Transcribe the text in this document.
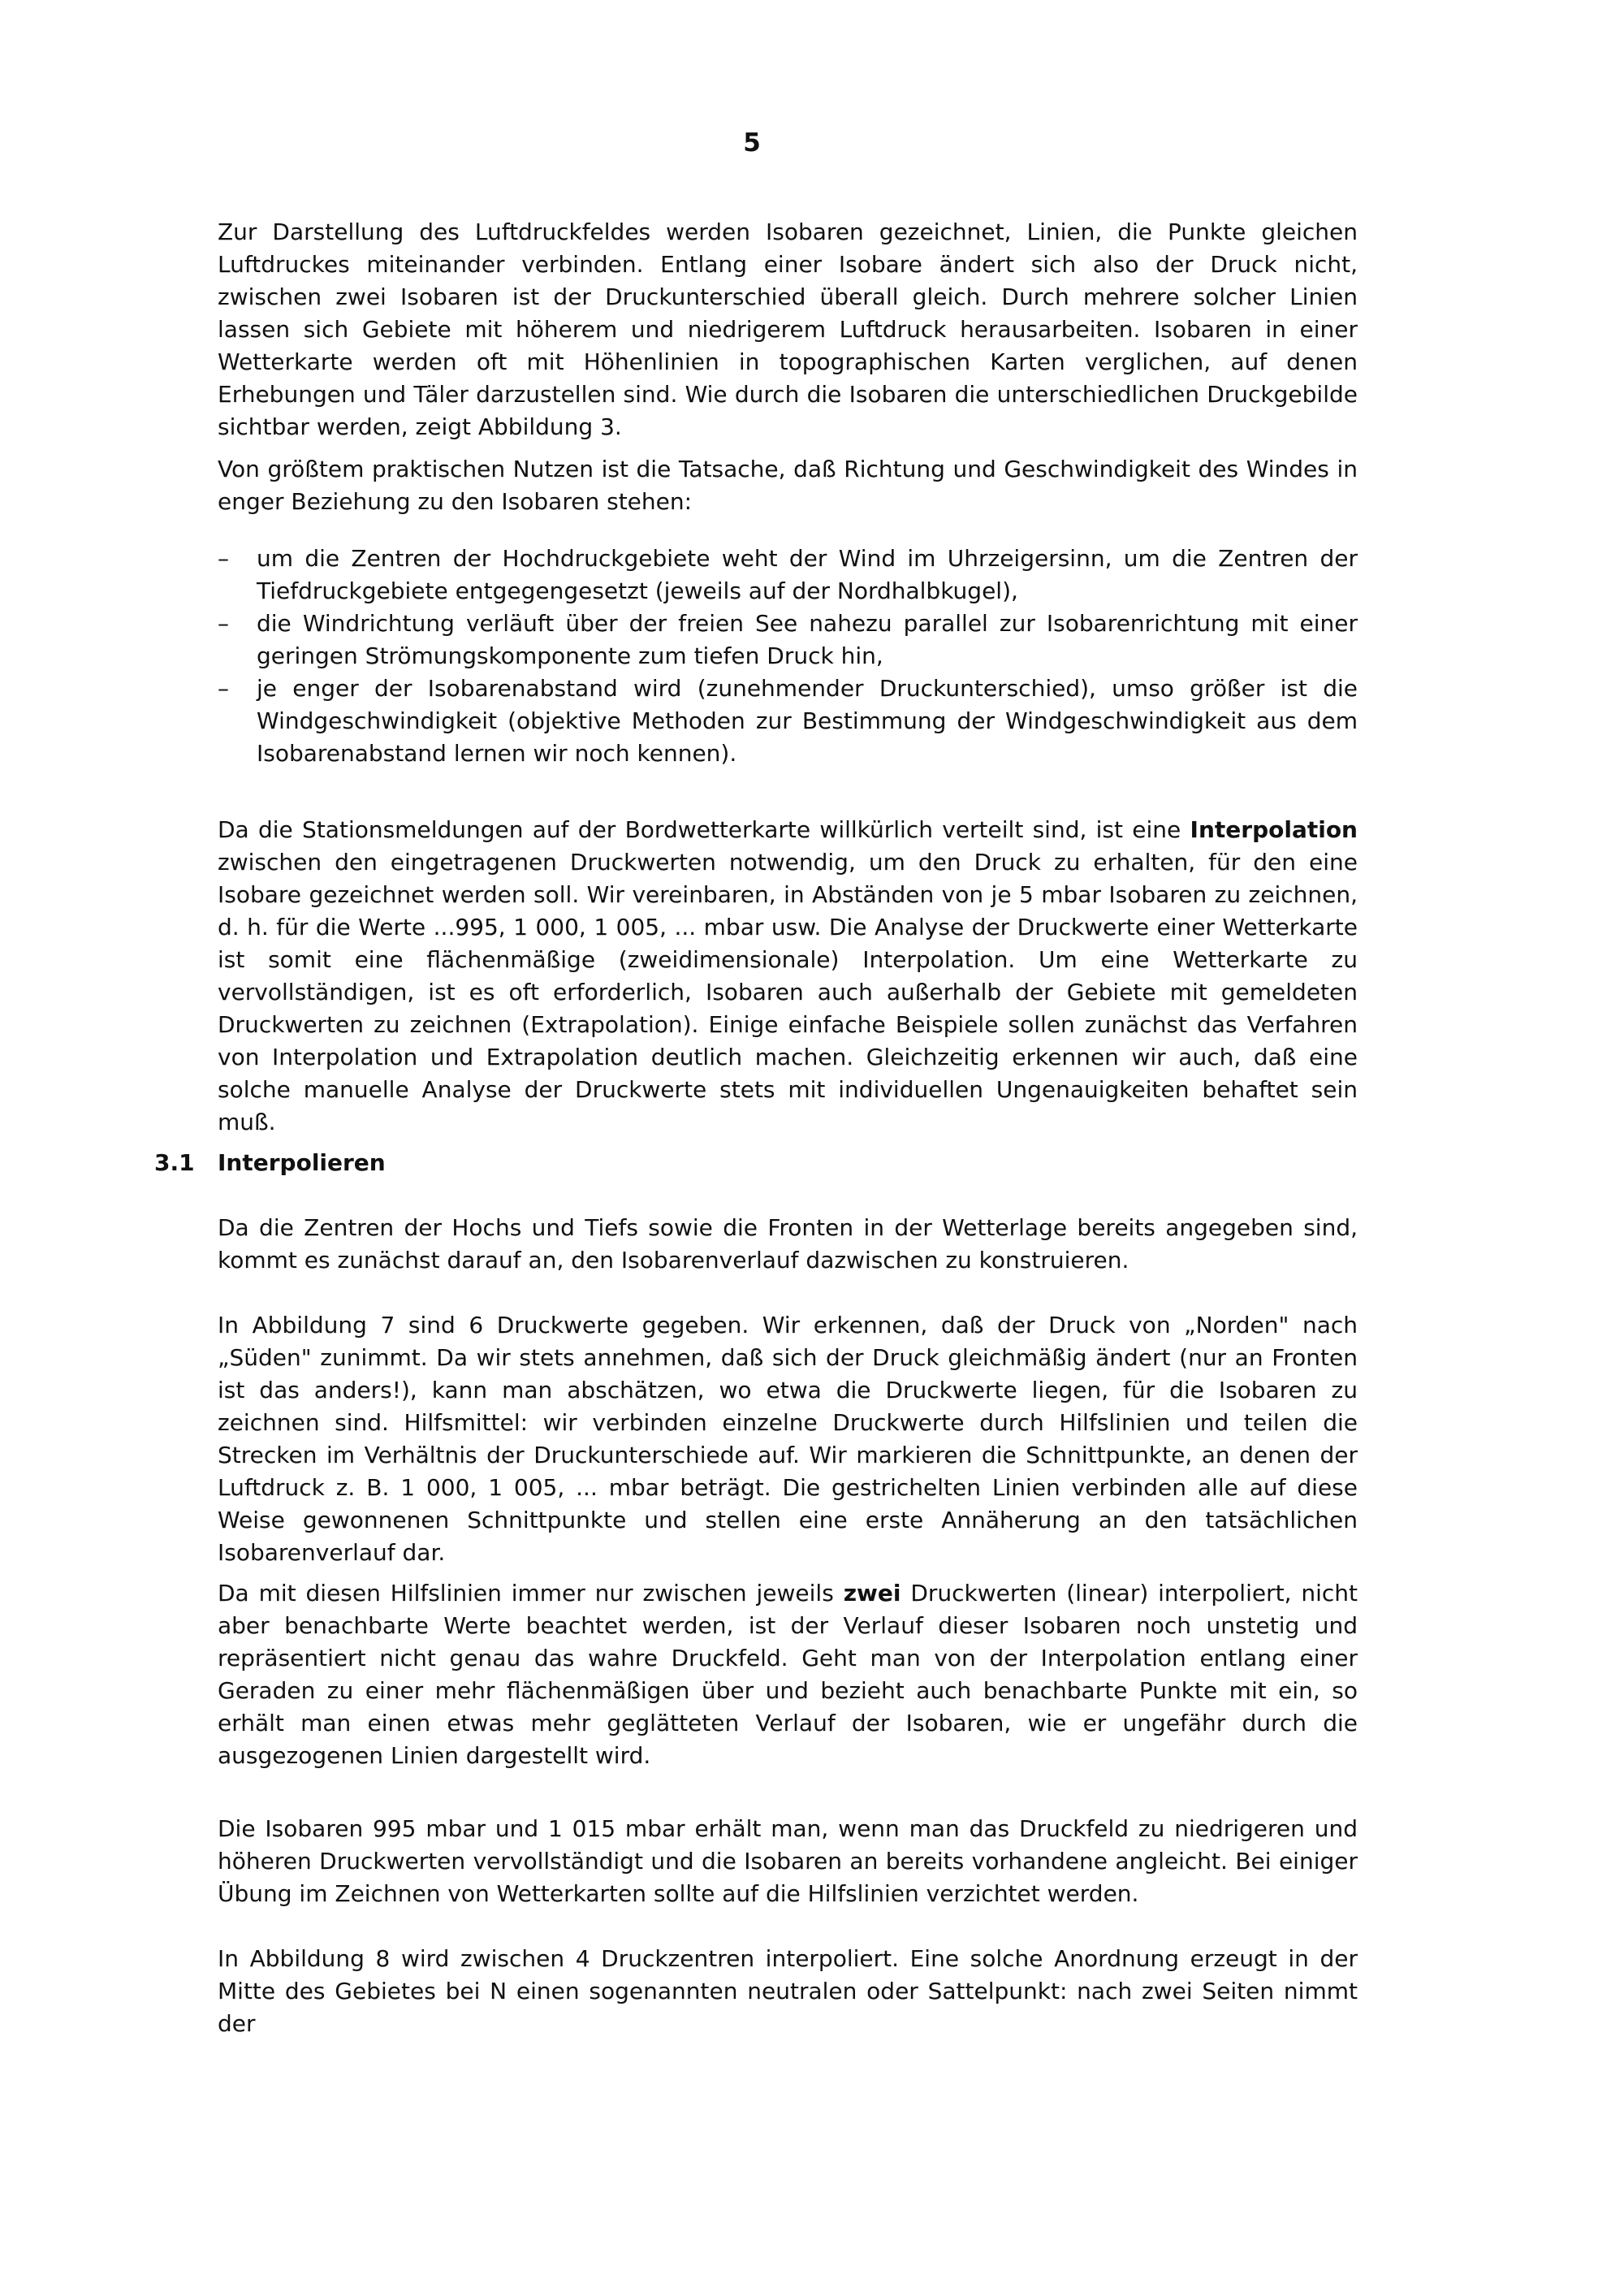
5

Zur Darstellung des Luftdruckfeldes werden Isobaren gezeichnet, Linien, die Punkte gleichen Luftdruckes miteinander verbinden. Entlang einer Isobare ändert sich also der Druck nicht, zwischen zwei Isobaren ist der Druckunterschied überall gleich. Durch mehrere solcher Linien lassen sich Gebiete mit höherem und niedrigerem Luftdruck herausarbeiten. Isobaren in einer Wetterkarte werden oft mit Höhenlinien in topographischen Karten verglichen, auf denen Erhebungen und Täler darzustellen sind. Wie durch die Isobaren die unterschiedlichen Druckgebilde sichtbar werden, zeigt Abbildung 3.

Von größtem praktischen Nutzen ist die Tatsache, daß Richtung und Geschwindigkeit des Windes in enger Beziehung zu den Isobaren stehen:

– um die Zentren der Hochdruckgebiete weht der Wind im Uhrzeigersinn, um die Zentren der Tiefdruckgebiete entgegengesetzt (jeweils auf der Nordhalbkugel),
– die Windrichtung verläuft über der freien See nahezu parallel zur Isobarenrichtung mit einer geringen Strömungskomponente zum tiefen Druck hin,
– je enger der Isobarenabstand wird (zunehmender Druckunterschied), umso größer ist die Windgeschwindigkeit (objektive Methoden zur Bestimmung der Windgeschwindigkeit aus dem Isobarenabstand lernen wir noch kennen).

Da die Stationsmeldungen auf der Bordwetterkarte willkürlich verteilt sind, ist eine Interpolation zwischen den eingetragenen Druckwerten notwendig, um den Druck zu erhalten, für den eine Isobare gezeichnet werden soll. Wir vereinbaren, in Abständen von je 5 mbar Isobaren zu zeichnen, d. h. für die Werte ...995, 1 000, 1 005, ... mbar usw. Die Analyse der Druckwerte einer Wetterkarte ist somit eine flächenmäßige (zweidimensionale) Interpolation. Um eine Wetterkarte zu vervollständigen, ist es oft erforderlich, Isobaren auch außerhalb der Gebiete mit gemeldeten Druckwerten zu zeichnen (Extrapolation). Einige einfache Beispiele sollen zunächst das Verfahren von Interpolation und Extrapolation deutlich machen. Gleichzeitig erkennen wir auch, daß eine solche manuelle Analyse der Druckwerte stets mit individuellen Ungenauigkeiten behaftet sein muß.

3.1 Interpolieren

Da die Zentren der Hochs und Tiefs sowie die Fronten in der Wetterlage bereits angegeben sind, kommt es zunächst darauf an, den Isobarenverlauf dazwischen zu konstruieren.

In Abbildung 7 sind 6 Druckwerte gegeben. Wir erkennen, daß der Druck von „Norden" nach „Süden" zunimmt. Da wir stets annehmen, daß sich der Druck gleichmäßig ändert (nur an Fronten ist das anders!), kann man abschätzen, wo etwa die Druckwerte liegen, für die Isobaren zu zeichnen sind. Hilfsmittel: wir verbinden einzelne Druckwerte durch Hilfslinien und teilen die Strecken im Verhältnis der Druckunterschiede auf. Wir markieren die Schnittpunkte, an denen der Luftdruck z. B. 1 000, 1 005, ... mbar beträgt. Die gestrichelten Linien verbinden alle auf diese Weise gewonnenen Schnittpunkte und stellen eine erste Annäherung an den tatsächlichen Isobarenverlauf dar.

Da mit diesen Hilfslinien immer nur zwischen jeweils zwei Druckwerten (linear) interpoliert, nicht aber benachbarte Werte beachtet werden, ist der Verlauf dieser Isobaren noch unstetig und repräsentiert nicht genau das wahre Druckfeld. Geht man von der Interpolation entlang einer Geraden zu einer mehr flächenmäßigen über und bezieht auch benachbarte Punkte mit ein, so erhält man einen etwas mehr geglätteten Verlauf der Isobaren, wie er ungefähr durch die ausgezogenen Linien dargestellt wird.

Die Isobaren 995 mbar und 1 015 mbar erhält man, wenn man das Druckfeld zu niedrigeren und höheren Druckwerten vervollständigt und die Isobaren an bereits vorhandene angleicht. Bei einiger Übung im Zeichnen von Wetterkarten sollte auf die Hilfslinien verzichtet werden.

In Abbildung 8 wird zwischen 4 Druckzentren interpoliert. Eine solche Anordnung erzeugt in der Mitte des Gebietes bei N einen sogenannten neutralen oder Sattelpunkt: nach zwei Seiten nimmt der
